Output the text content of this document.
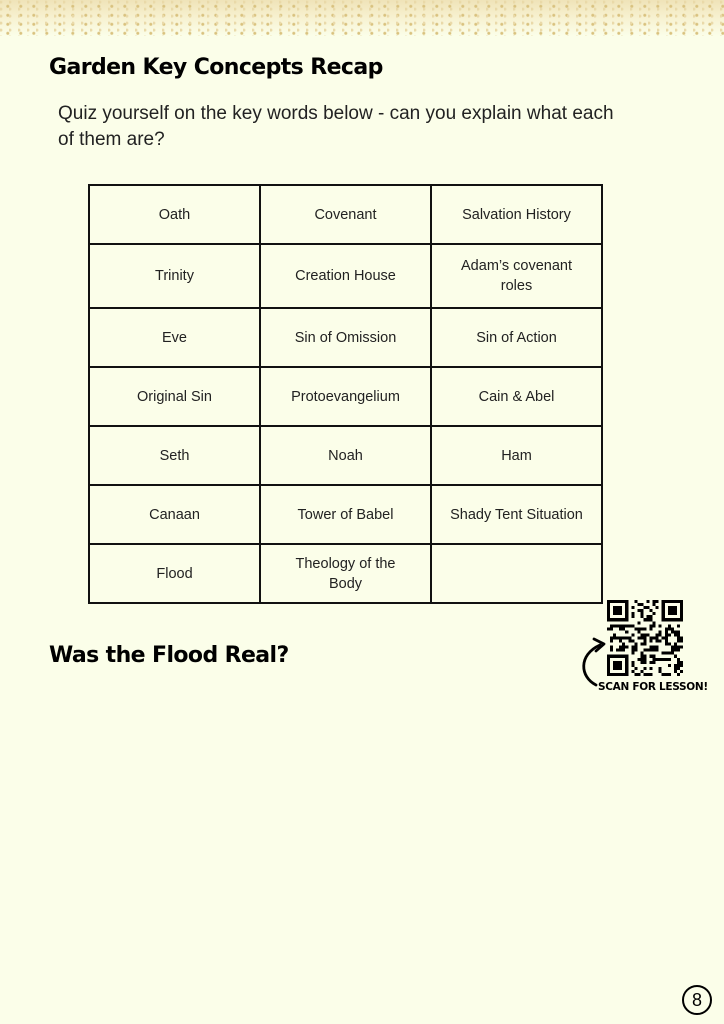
Garden Key Concepts Recap

Quiz yourself on the key words below - can you explain what each of them are?

Oath	Covenant	Salvation History
Trinity	Creation House	Adam’s covenant roles
Eve	Sin of Omission	Sin of Action
Original Sin	Protoevangelium	Cain & Abel
Seth	Noah	Ham
Canaan	Tower of Babel	Shady Tent Situation
Flood	Theology of the Body	
Was the Flood Real?

SCAN FOR LESSON!

8
